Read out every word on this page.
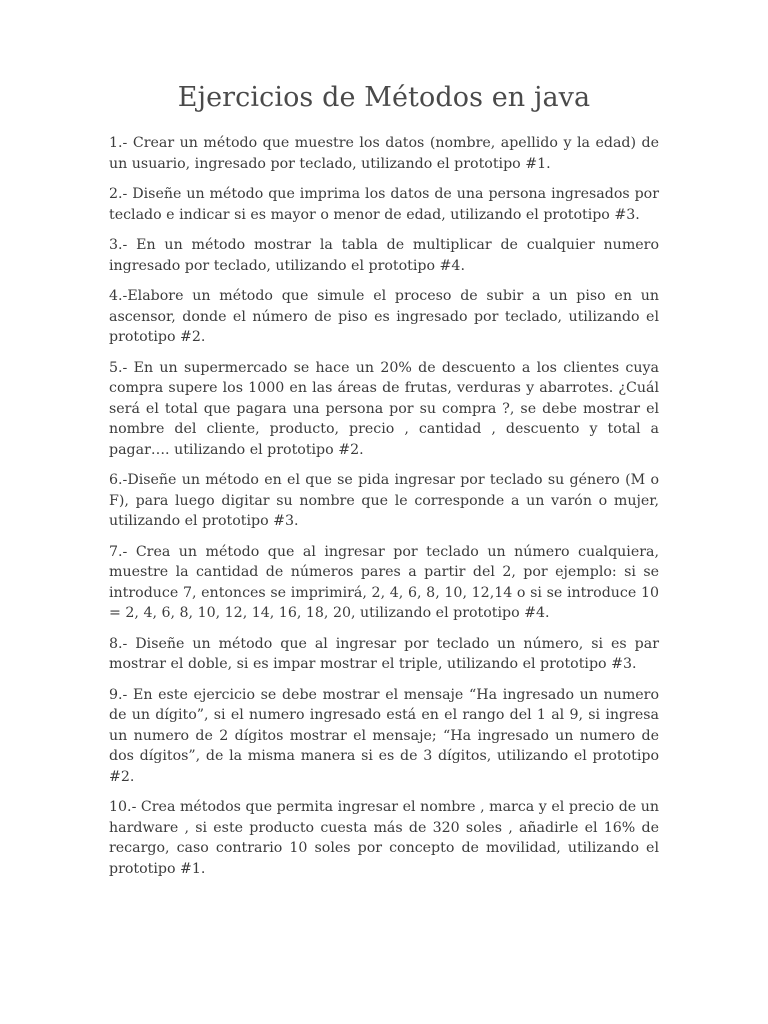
Ejercicios de Métodos en java

1.- Crear un método que muestre los datos (nombre, apellido y la edad) de un usuario, ingresado por teclado, utilizando el prototipo #1.

2.- Diseñe un método que imprima los datos de una persona ingresados por teclado e indicar si es mayor o menor de edad, utilizando el prototipo #3.

3.- En un método mostrar la tabla de multiplicar de cualquier numero ingresado por teclado, utilizando el prototipo #4.

4.-Elabore un método que simule el proceso de subir a un piso en un ascensor, donde el número de piso es ingresado por teclado, utilizando el prototipo #2.

5.- En un supermercado se hace un 20% de descuento a los clientes cuya compra supere los 1000 en las áreas de frutas, verduras y abarrotes. ¿Cuál será el total que pagara una persona por su compra ?, se debe mostrar el nombre del cliente, producto, precio , cantidad , descuento y total a pagar…. utilizando el prototipo #2.

6.-Diseñe un método en el que se pida ingresar por teclado su género (M o F), para luego digitar su nombre que le corresponde a un varón o mujer, utilizando el prototipo #3.

7.- Crea un método que al ingresar por teclado un número cualquiera, muestre la cantidad de números pares a partir del 2, por ejemplo: si se introduce 7, entonces se imprimirá, 2, 4, 6, 8, 10, 12,14 o si se introduce 10 = 2, 4, 6, 8, 10, 12, 14, 16, 18, 20, utilizando el prototipo #4.

8.- Diseñe un método que al ingresar por teclado un número, si es par mostrar el doble, si es impar mostrar el triple, utilizando el prototipo #3.

9.- En este ejercicio se debe mostrar el mensaje “Ha ingresado un numero de un dígito”, si el numero ingresado está en el rango del 1 al 9, si ingresa un numero de 2 dígitos mostrar el mensaje; “Ha ingresado un numero de dos dígitos”, de la misma manera si es de 3 dígitos, utilizando el prototipo #2.

10.- Crea métodos que permita ingresar el nombre , marca y el precio de un hardware , si este producto cuesta más de 320 soles , añadirle el 16% de recargo, caso contrario 10 soles por concepto de movilidad, utilizando el prototipo #1.
